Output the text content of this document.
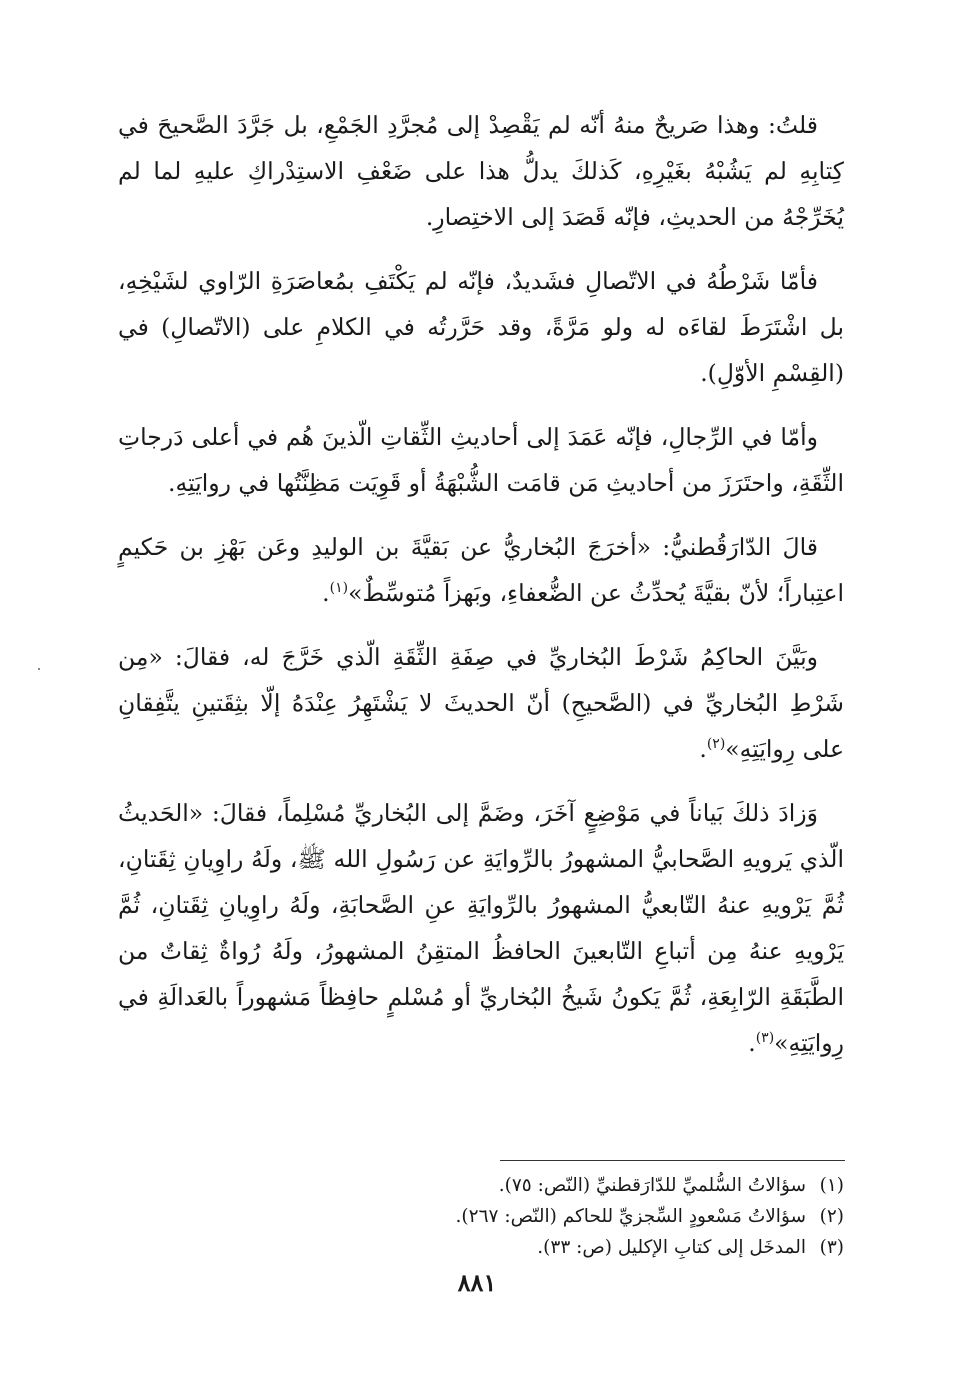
قلتُ: وهذا صَريحٌ منهُ أنّه لم يَقْصِدْ إلى مُجرَّدِ الجَمْعِ، بل جَرَّدَ الصَّحيحَ في كِتابِهِ لم يَشُبْهُ بغَيْرِهِ، كَذلكَ يدلُّ هذا على ضَعْفِ الاستِدْراكِ عليهِ لما لم يُخَرِّجْهُ من الحديثِ، فإنّه قَصَدَ إلى الاختِصارِ.

فأمّا شَرْطُهُ في الاتّصالِ فشَديدٌ، فإنّه لم يَكْتَفِ بمُعاصَرَةِ الرّاوي لشَيْخِهِ، بل اشْتَرَطَ لقاءَه له ولو مَرَّةً، وقد حَرَّرتُه في الكلامِ على (الاتّصالِ) في (القِسْمِ الأوّلِ).

وأمّا في الرِّجالِ، فإنّه عَمَدَ إلى أحاديثِ الثِّقاتِ الّذينَ هُم في أعلى دَرجاتِ الثِّقَةِ، واحتَرَزَ من أحاديثِ مَن قامَت الشُّبْهَةُ أو قَوِيَت مَظِنَّتُها في روايَتِهِ.

قالَ الدّارَقُطنيُّ: «أخرَجَ البُخاريُّ عن بَقيَّةَ بن الوليدِ وعَن بَهْزِ بن حَكيمٍ اعتِباراً؛ لأنّ بقيَّةَ يُحدِّثُ عن الضُّعفاءِ، وبَهزاً مُتوسِّطٌ»$^{(١)}$.

وبَيَّنَ الحاكِمُ شَرْطَ البُخاريِّ في صِفَةِ الثِّقَةِ الّذي خَرَّجَ له، فقالَ: «مِن شَرْطِ البُخاريِّ في (الصَّحيحِ) أنّ الحديثَ لا يَشْتَهِرُ عِنْدَهُ إلّا بثِقَتينِ يتَّفِقانِ على رِوايَتِهِ»$^{(٢)}$.

وَزادَ ذلكَ بَياناً في مَوْضِعٍ آخَرَ، وضَمَّ إلى البُخاريِّ مُسْلِماً، فقالَ: «الحَديثُ الّذي يَرويهِ الصَّحابيُّ المشهورُ بالرِّوايَةِ عن رَسُولِ الله ﷺ، ولَهُ راوِيانِ ثِقَتانِ، ثُمَّ يَرْويهِ عنهُ التّابعيُّ المشهورُ بالرِّوايَةِ عنِ الصَّحابَةِ، ولَهُ راوِيانِ ثِقَتانِ، ثُمَّ يَرْويهِ عنهُ مِن أتباعِ التّابعينَ الحافظُ المتقِنُ المشهورُ، ولَهُ رُواةٌ ثِقاتٌ من الطَّبَقَةِ الرّابِعَةِ، ثُمَّ يَكونُ شَيخُ البُخاريِّ أو مُسْلمٍ حافِظاً مَشهوراً بالعَدالَةِ في رِوايَتِهِ»$^{(٣)}$.

(١)
سؤالاتُ السُّلميِّ للدّارَقطنيِّ (النّص: ٧٥).
(٢)
سؤالاتُ مَسْعودٍ السِّجزيِّ للحاكم (النّص: ٢٦٧).
(٣)
المدخَل إلى كتابِ الإكليل (ص: ٣٣).
٨٨١
